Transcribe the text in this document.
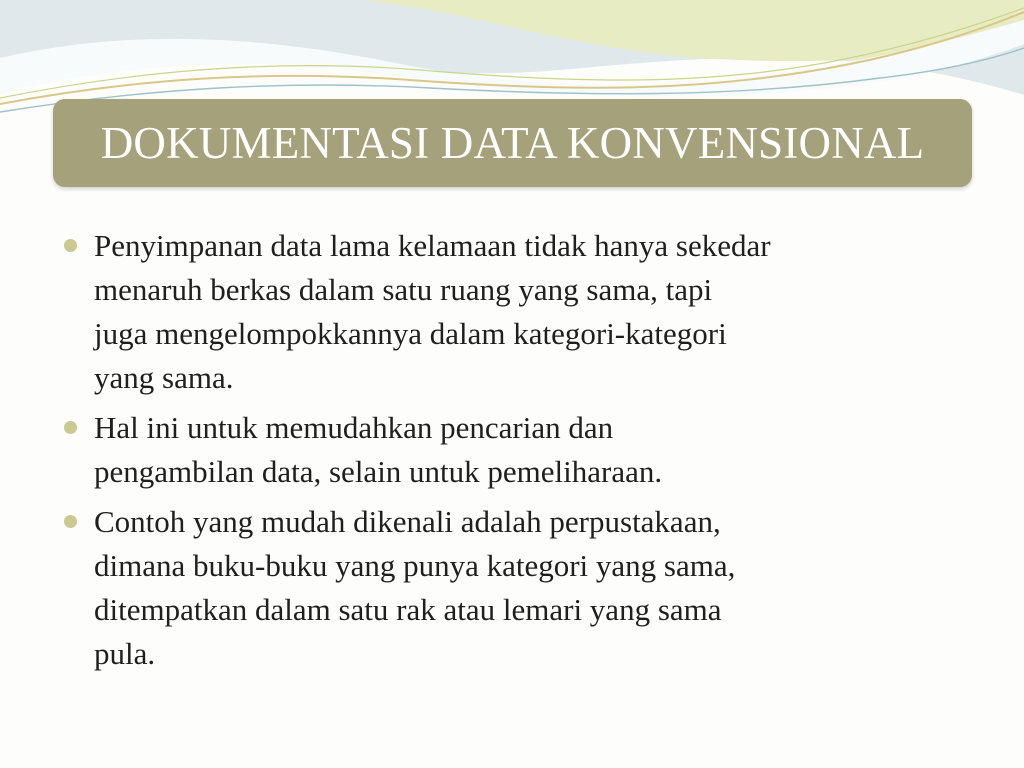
DOKUMENTASI DATA KONVENSIONAL
Penyimpanan data lama kelamaan tidak hanya sekedar
menaruh berkas dalam satu ruang yang sama, tapi
juga mengelompokkannya dalam kategori-kategori
yang sama.
Hal ini untuk memudahkan pencarian dan
pengambilan data, selain untuk pemeliharaan.
Contoh yang mudah dikenali adalah perpustakaan,
dimana buku-buku yang punya kategori yang sama,
ditempatkan dalam satu rak atau lemari yang sama
pula.
